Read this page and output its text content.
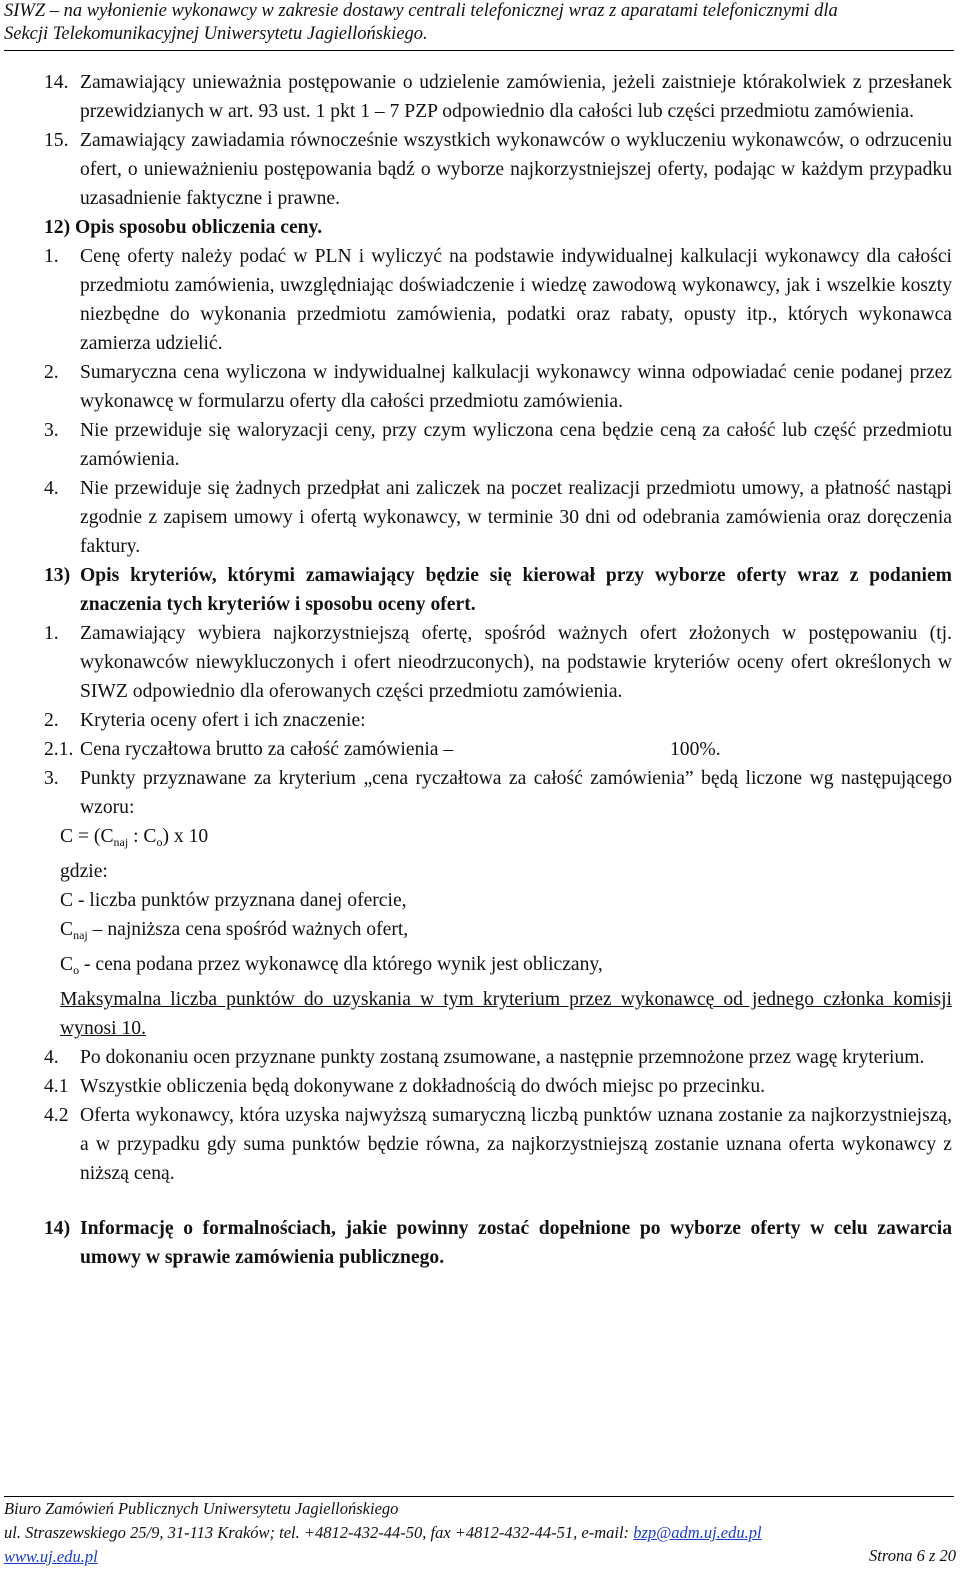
SIWZ – na wyłonienie wykonawcy w zakresie dostawy centrali telefonicznej wraz z aparatami telefonicznymi dla
Sekcji Telekomunikacyjnej Uniwersytetu Jagiellońskiego.
14. Zamawiający unieważnia postępowanie o udzielenie zamówienia, jeżeli zaistnieje którakolwiek z przesłanek przewidzianych w art. 93 ust. 1 pkt 1 – 7 PZP odpowiednio dla całości lub części przedmiotu zamówienia.
15. Zamawiający zawiadamia równocześnie wszystkich wykonawców o wykluczeniu wykonawców, o odrzuceniu ofert, o unieważnieniu postępowania bądź o wyborze najkorzystniejszej oferty, podając w każdym przypadku uzasadnienie faktyczne i prawne.
12) Opis sposobu obliczenia ceny.
1. Cenę oferty należy podać w PLN i wyliczyć na podstawie indywidualnej kalkulacji wykonawcy dla całości przedmiotu zamówienia, uwzględniając doświadczenie i wiedzę zawodową wykonawcy, jak i wszelkie koszty niezbędne do wykonania przedmiotu zamówienia, podatki oraz rabaty, opusty itp., których wykonawca zamierza udzielić.
2. Sumaryczna cena wyliczona w indywidualnej kalkulacji wykonawcy winna odpowiadać cenie podanej przez wykonawcę w formularzu oferty dla całości przedmiotu zamówienia.
3. Nie przewiduje się waloryzacji ceny, przy czym wyliczona cena będzie ceną za całość lub część przedmiotu zamówienia.
4. Nie przewiduje się żadnych przedpłat ani zaliczek na poczet realizacji przedmiotu umowy, a płatność nastąpi zgodnie z zapisem umowy i ofertą wykonawcy, w terminie 30 dni od odebrania zamówienia oraz doręczenia faktury.
13) Opis kryteriów, którymi zamawiający będzie się kierował przy wyborze oferty wraz z podaniem znaczenia tych kryteriów i sposobu oceny ofert.
1. Zamawiający wybiera najkorzystniejszą ofertę, spośród ważnych ofert złożonych w postępowaniu (tj. wykonawców niewykluczonych i ofert nieodrzuconych), na podstawie kryteriów oceny ofert określonych w SIWZ odpowiednio dla oferowanych części przedmiotu zamówienia.
2. Kryteria oceny ofert i ich znaczenie:
2.1. Cena ryczałtowa brutto za całość zamówienia –	100%.
3. Punkty przyznawane za kryterium „cena ryczałtowa za całość zamówienia” będą liczone wg następującego wzoru:
$C = (C_{naj}$ : $C_o$) x 10
gdzie:
C - liczba punktów przyznana danej ofercie,
$C_{naj}$ – najniższa cena spośród ważnych ofert,
$C_o$ - cena podana przez wykonawcę dla którego wynik jest obliczany,
Maksymalna liczba punktów do uzyskania w tym kryterium przez wykonawcę od jednego członka komisji wynosi 10.
4. Po dokonaniu ocen przyznane punkty zostaną zsumowane, a następnie przemnożone przez wagę kryterium.
4.1 Wszystkie obliczenia będą dokonywane z dokładnością do dwóch miejsc po przecinku.
4.2 Oferta wykonawcy, która uzyska najwyższą sumaryczną liczbą punktów uznana zostanie za najkorzystniejszą, a w przypadku gdy suma punktów będzie równa, za najkorzystniejszą zostanie uznana oferta wykonawcy z niższą ceną.
14) Informację o formalnościach, jakie powinny zostać dopełnione po wyborze oferty w celu zawarcia umowy w sprawie zamówienia publicznego.
Biuro Zamówień Publicznych Uniwersytetu Jagiellońskiego
ul. Straszewskiego 25/9, 31-113 Kraków; tel. +4812-432-44-50, fax +4812-432-44-51, e-mail: bzp@adm.uj.edu.pl
www.uj.edu.pl	Strona 6 z 20
